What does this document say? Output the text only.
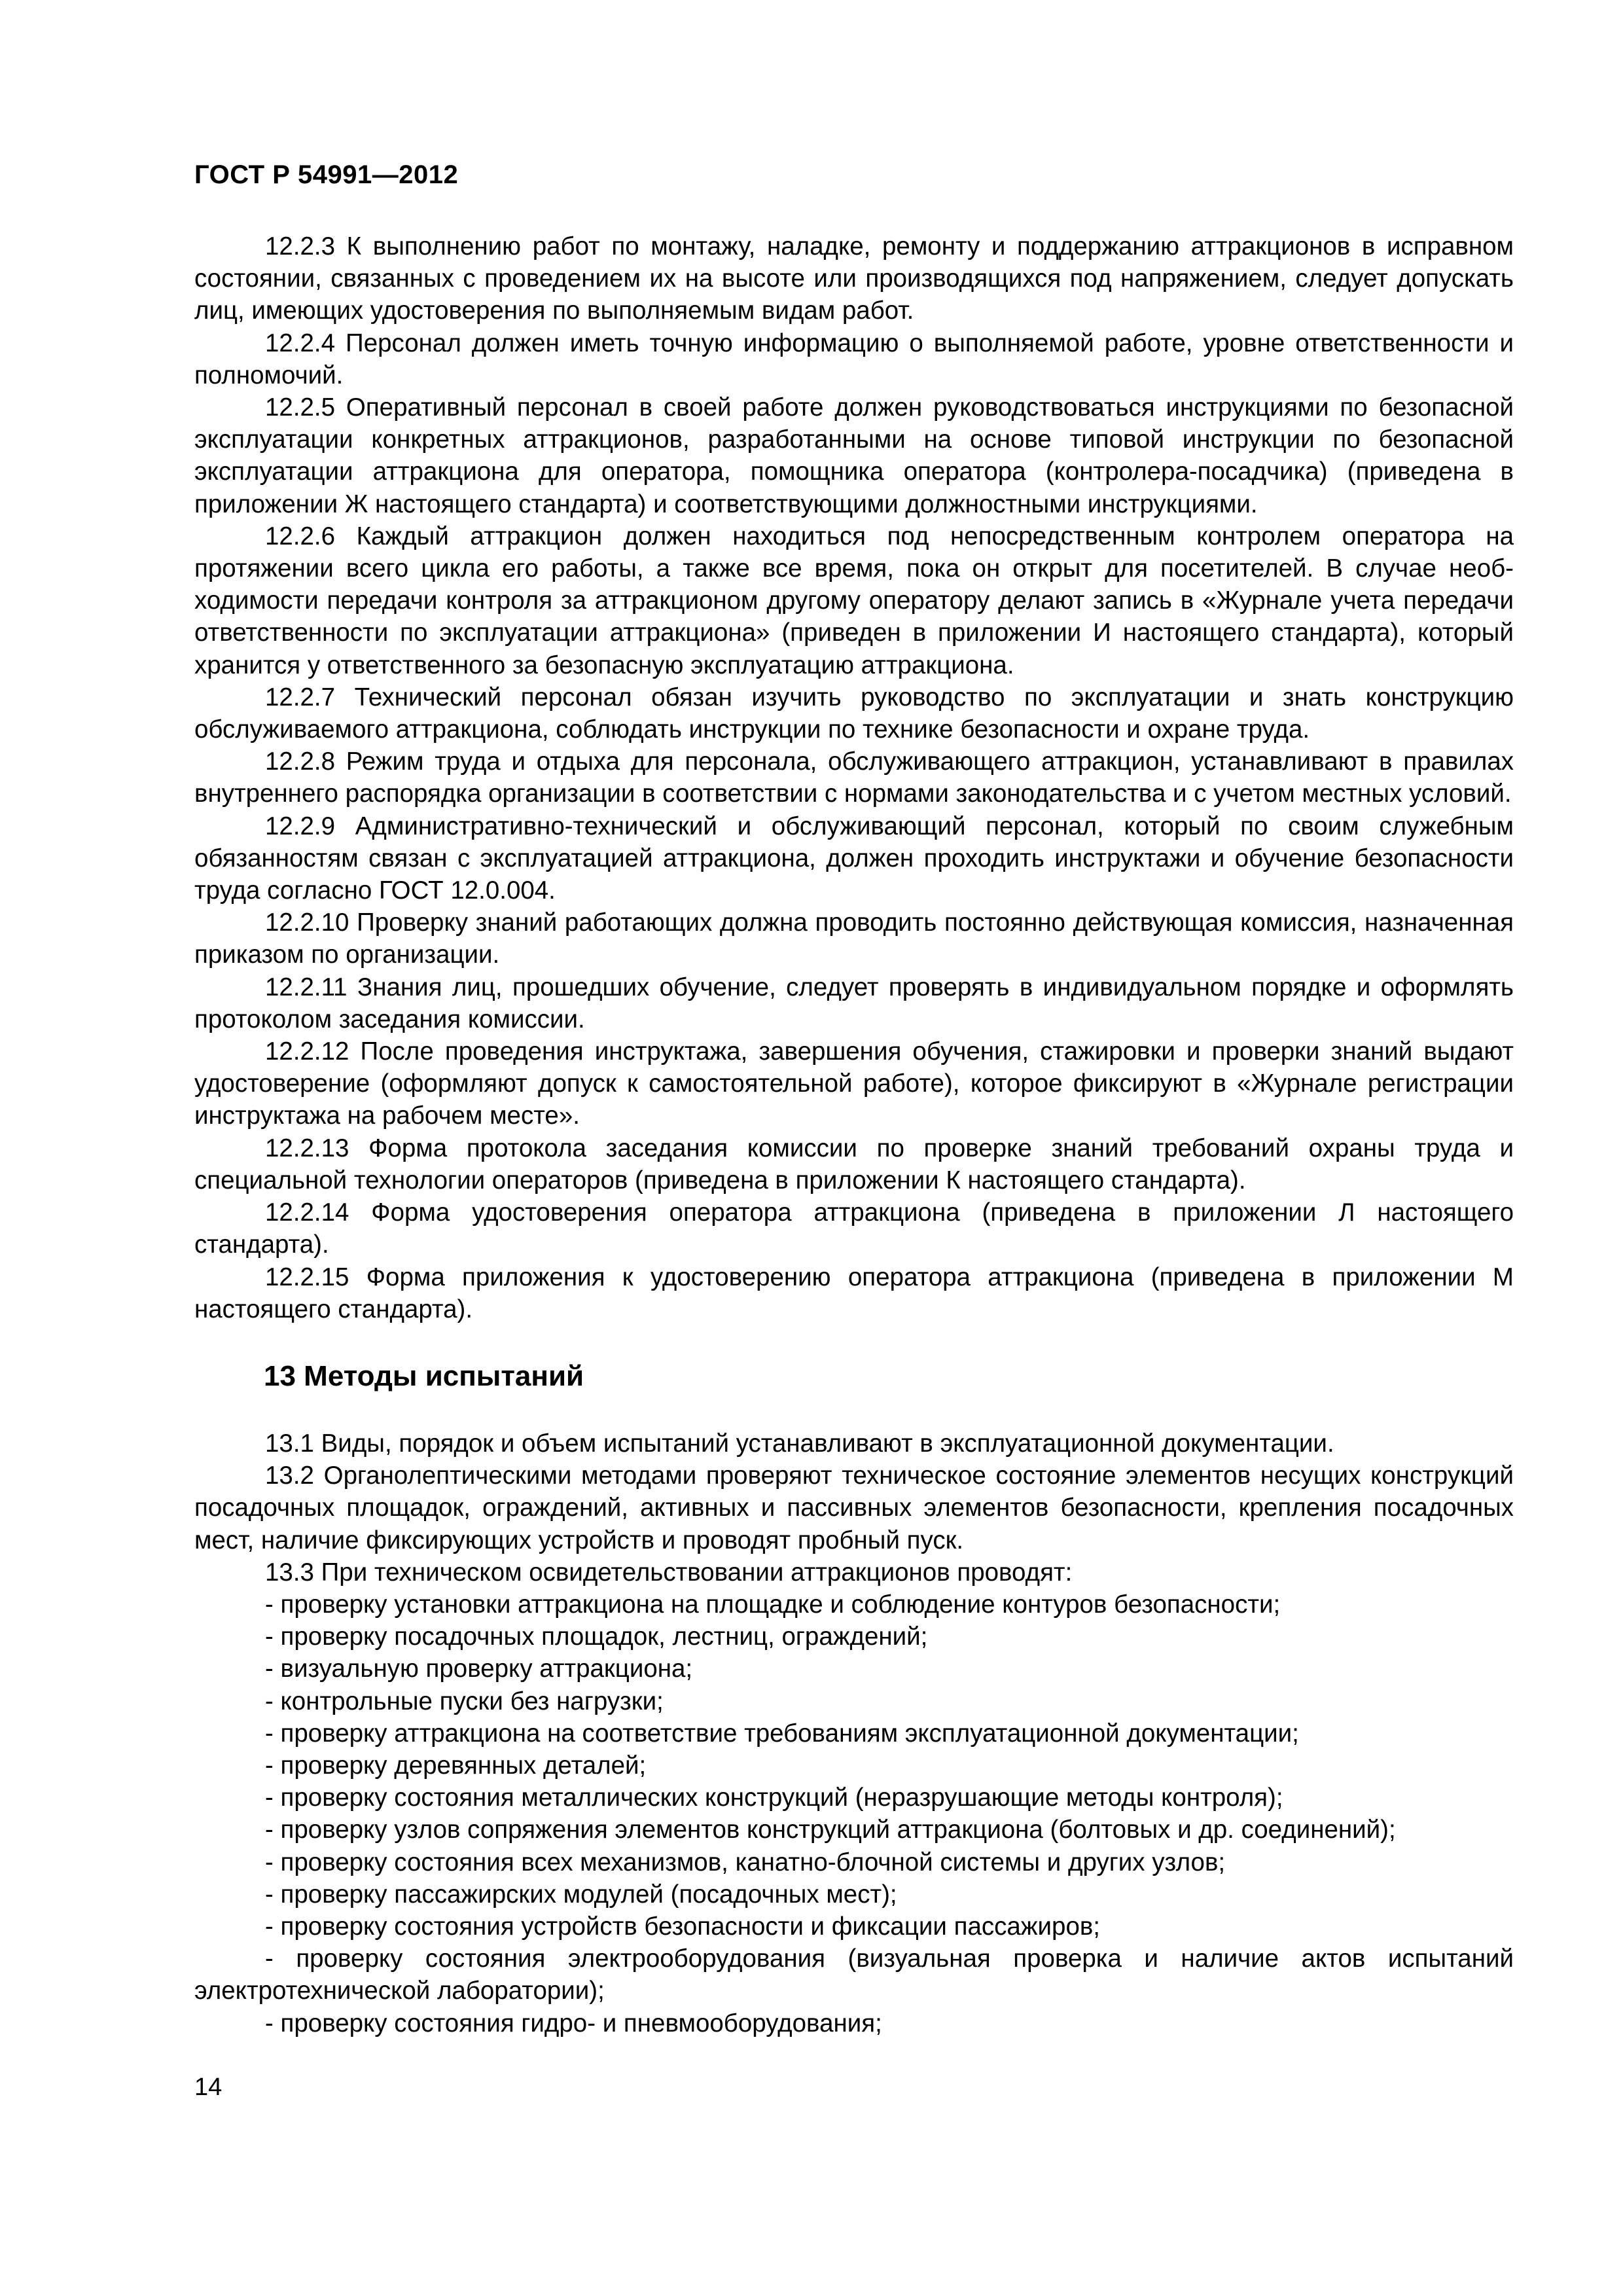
ГОСТ Р 54991—2012

12.2.3 К выполнению работ по монтажу, наладке, ремонту и поддержанию аттракционов в исправном состоянии, связанных с проведением их на высоте или производящихся под напряжением, следует допускать лиц, имеющих удостоверения по выполняемым видам работ.

12.2.4 Персонал должен иметь точную информацию о выполняемой работе, уровне ответственности и полномочий.

12.2.5 Оперативный персонал в своей работе должен руководствоваться инструкциями по безопасной эксплуатации конкретных аттракционов, разработанными на основе типовой инструкции по безопасной эксплуатации аттракциона для оператора, помощника оператора (контролера-посадчика) (приведена в приложении Ж настоящего стандарта) и соответствующими должностными инструкциями.

12.2.6 Каждый аттракцион должен находиться под непосредственным контролем оператора на протяжении всего цикла его работы, а также все время, пока он открыт для посетителей. В случае необходимости передачи контроля за аттракционом другому оператору делают запись в «Журнале учета передачи ответственности по эксплуатации аттракциона» (приведен в приложении И настоящего стандарта), который хранится у ответственного за безопасную эксплуатацию аттракциона.

12.2.7 Технический персонал обязан изучить руководство по эксплуатации и знать конструкцию обслуживаемого аттракциона, соблюдать инструкции по технике безопасности и охране труда.

12.2.8 Режим труда и отдыха для персонала, обслуживающего аттракцион, устанавливают в правилах внутреннего распорядка организации в соответствии с нормами законодательства и с учетом местных условий.

12.2.9 Административно-технический и обслуживающий персонал, который по своим служебным обязанностям связан с эксплуатацией аттракциона, должен проходить инструктажи и обучение безопасности труда согласно ГОСТ 12.0.004.

12.2.10 Проверку знаний работающих должна проводить постоянно действующая комиссия, назначенная приказом по организации.

12.2.11 Знания лиц, прошедших обучение, следует проверять в индивидуальном порядке и оформлять протоколом заседания комиссии.

12.2.12 После проведения инструктажа, завершения обучения, стажировки и проверки знаний выдают удостоверение (оформляют допуск к самостоятельной работе), которое фиксируют в «Журнале регистрации инструктажа на рабочем месте».

12.2.13 Форма протокола заседания комиссии по проверке знаний требований охраны труда и специальной технологии операторов (приведена в приложении К настоящего стандарта).

12.2.14 Форма удостоверения оператора аттракциона (приведена в приложении Л настоящего стандарта).

12.2.15 Форма приложения к удостоверению оператора аттракциона (приведена в приложении М настоящего стандарта).

13 Методы испытаний

13.1 Виды, порядок и объем испытаний устанавливают в эксплуатационной документации.

13.2 Органолептическими методами проверяют техническое состояние элементов несущих конструкций посадочных площадок, ограждений, активных и пассивных элементов безопасности, крепления посадочных мест, наличие фиксирующих устройств и проводят пробный пуск.

13.3 При техническом освидетельствовании аттракционов проводят:

- проверку установки аттракциона на площадке и соблюдение контуров безопасности;

- проверку посадочных площадок, лестниц, ограждений;

- визуальную проверку аттракциона;

- контрольные пуски без нагрузки;

- проверку аттракциона на соответствие требованиям эксплуатационной документации;

- проверку деревянных деталей;

- проверку состояния металлических конструкций (неразрушающие методы контроля);

- проверку узлов сопряжения элементов конструкций аттракциона (болтовых и др. соединений);

- проверку состояния всех механизмов, канатно-блочной системы и других узлов;

- проверку пассажирских модулей (посадочных мест);

- проверку состояния устройств безопасности и фиксации пассажиров;

- проверку состояния электрооборудования (визуальная проверка и наличие актов испытаний электротехнической лаборатории);

- проверку состояния гидро- и пневмооборудования;

14
